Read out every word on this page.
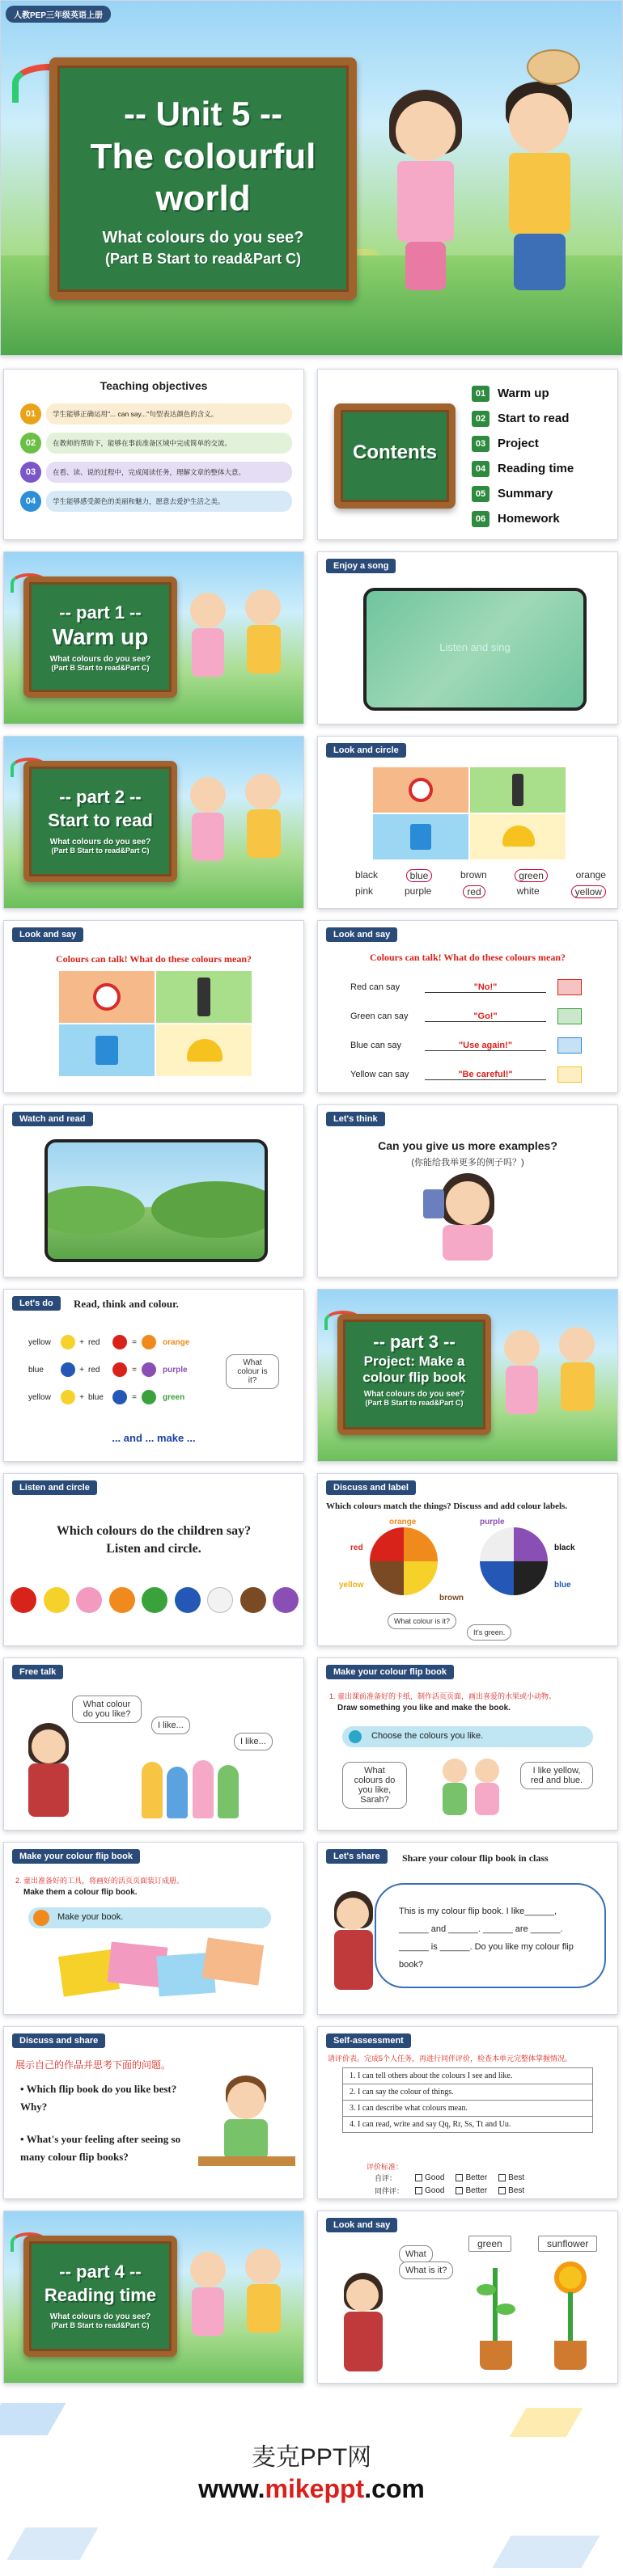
人教PEP三年级英语上册
-- Unit 5 --
The colourful
world
What colours do you see?
(Part B Start to read&Part C)
Teaching objectives
01	学生能够正确运用"... can say..."句型表达颜色的含义。
02	在教师的帮助下，能够在事前准备区域中完成简单的交流。
03	在看、读、说的过程中，完成阅读任务，理解文章的整体大意。
04	学生能够感受颜色的美丽和魅力，愿意去爱护生活之美。
Contents
01 Warm up
02 Start to read
03 Project
04 Reading time
05 Summary
06 Homework
-- part 1 --
Warm up
What colours do you see?
(Part B Start to read&Part C)
Enjoy a song
Listen and sing
-- part 2 --
Start to read
What colours do you see?
(Part B Start to read&Part C)
Look and circle
black	blue	brown	green	orange
pink	purple	red	white	yellow
Look and say
Colours can talk! What do these colours mean?
Look and say
Colours can talk! What do these colours mean?
Red can say	"No!"
Green can say	"Go!"
Blue can say	"Use again!"
Yellow can say	"Be careful!"
Watch and read	Let's think
Can you give us more examples?
(你能给我举更多的例子吗？)
Let's do	Read, think and colour.
yellow	+ red	=	orange
blue	+ red	=	purple
yellow	+ blue	=	green
What colour is it?
... and ... make ...
-- part 3 --
Project: Make a
colour flip book
What colours do you see?
(Part B Start to read&Part C)
Listen and circle
Which colours do the children say?
Listen and circle.
Discuss and label
Which colours match the things? Discuss and add colour labels.
orange
red
purple
black
yellow
brown
blue
What colour is it?
It's green.
Free talk
What colour do you like?
I like...
I like...
Make your colour flip book
1. 童出课前准备好的卡纸，制作活页页面，画出喜爱的水果或小动物。
Draw something you like and make the book.
Choose the colours you like.
What colours do you like, Sarah?
I like yellow, red and blue.
Make your colour flip book
2. 童出准备好的工具，将画好的活页页面装订成册。
Make them a colour flip book.
Make your book.
Let's share	Share your colour flip book in class
This is my colour flip book. I like______, ______ and ______. ______ are ______. ______ is ______. Do you like my colour flip book?
Discuss and share
展示自己的作品并思考下面的问题。
• Which flip book do you like best? Why?
• What's your feeling after seeing so many colour flip books?
Self-assessment
请评价表。完成5个人任务，再进行同伴评价，检查本单元完整体掌握情况。
1. I can tell others about the colours I see and like.
2. I can say the colour of things.
3. I can describe what colours mean.
4. I can read, write and say Qq, Rr, Ss, Tt and Uu.
评价标准：
自评：	Good	Better	Best
同伴评：	Good	Better	Best
-- part 4 --
Reading time
What colours do you see?
(Part B Start to read&Part C)
Look and say
What
What is it?
green	sunflower
麦克PPT网
www.mikeppt.com
